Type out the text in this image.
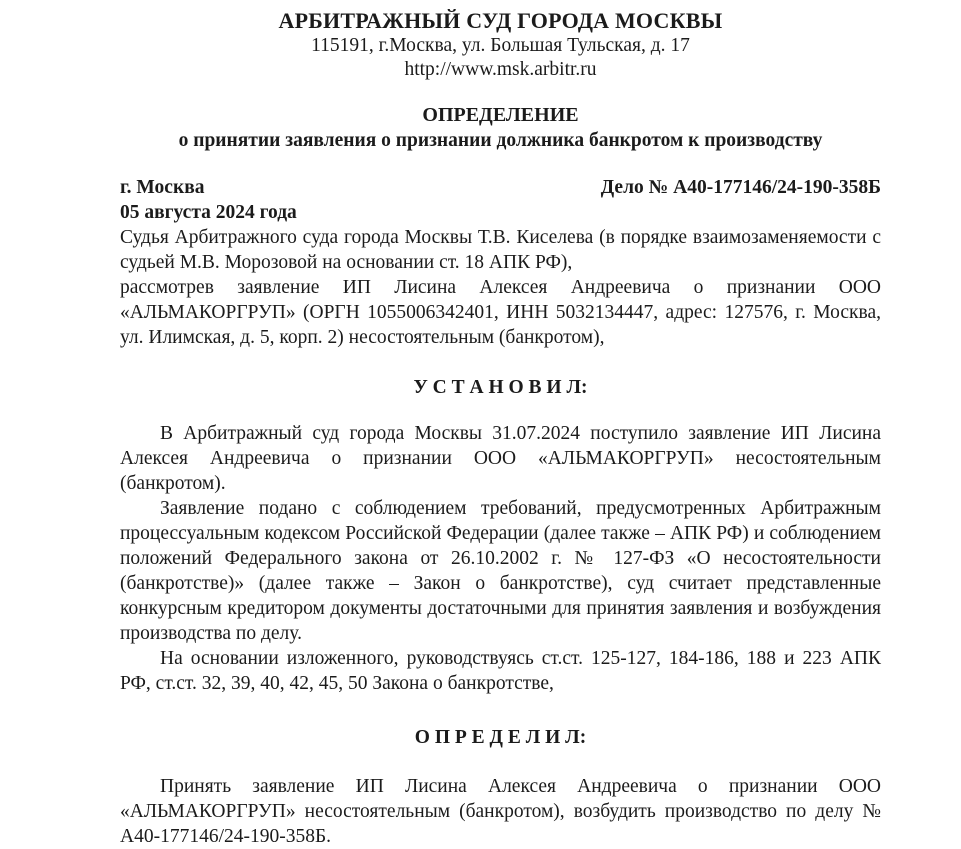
АРБИТРАЖНЫЙ СУД ГОРОДА МОСКВЫ
115191, г.Москва, ул. Большая Тульская, д. 17
http://www.msk.arbitr.ru
ОПРЕДЕЛЕНИЕ
о принятии заявления о признании должника банкротом к производству
г. Москва	Дело № А40-177146/24-190-358Б
05 августа 2024 года

Судья Арбитражного суда города Москвы Т.В. Киселева (в порядке взаимозаменяемости с судьей М.В. Морозовой на основании ст. 18 АПК РФ),

рассмотрев заявление ИП Лисина Алексея Андреевича о признании ООО «АЛЬМАКОРГРУП» (ОРГН 1055006342401, ИНН 5032134447, адрес: 127576, г. Москва, ул. Илимская, д. 5, корп. 2) несостоятельным (банкротом),

У С Т А Н О В И Л:

В Арбитражный суд города Москвы 31.07.2024 поступило заявление ИП Лисина Алексея Андреевича о признании ООО «АЛЬМАКОРГРУП» несостоятельным (банкротом).

Заявление подано с соблюдением требований, предусмотренных Арбитражным процессуальным кодексом Российской Федерации (далее также – АПК РФ) и соблюдением положений Федерального закона от 26.10.2002 г. № 127-ФЗ «О несостоятельности (банкротстве)» (далее также – Закон о банкротстве), суд считает представленные конкурсным кредитором документы достаточными для принятия заявления и возбуждения производства по делу.

На основании изложенного, руководствуясь ст.ст. 125-127, 184-186, 188 и 223 АПК РФ, ст.ст. 32, 39, 40, 42, 45, 50 Закона о банкротстве,

О П Р Е Д Е Л И Л:

Принять заявление ИП Лисина Алексея Андреевича о признании ООО «АЛЬМАКОРГРУП» несостоятельным (банкротом), возбудить производство по делу № А40-177146/24-190-358Б.
